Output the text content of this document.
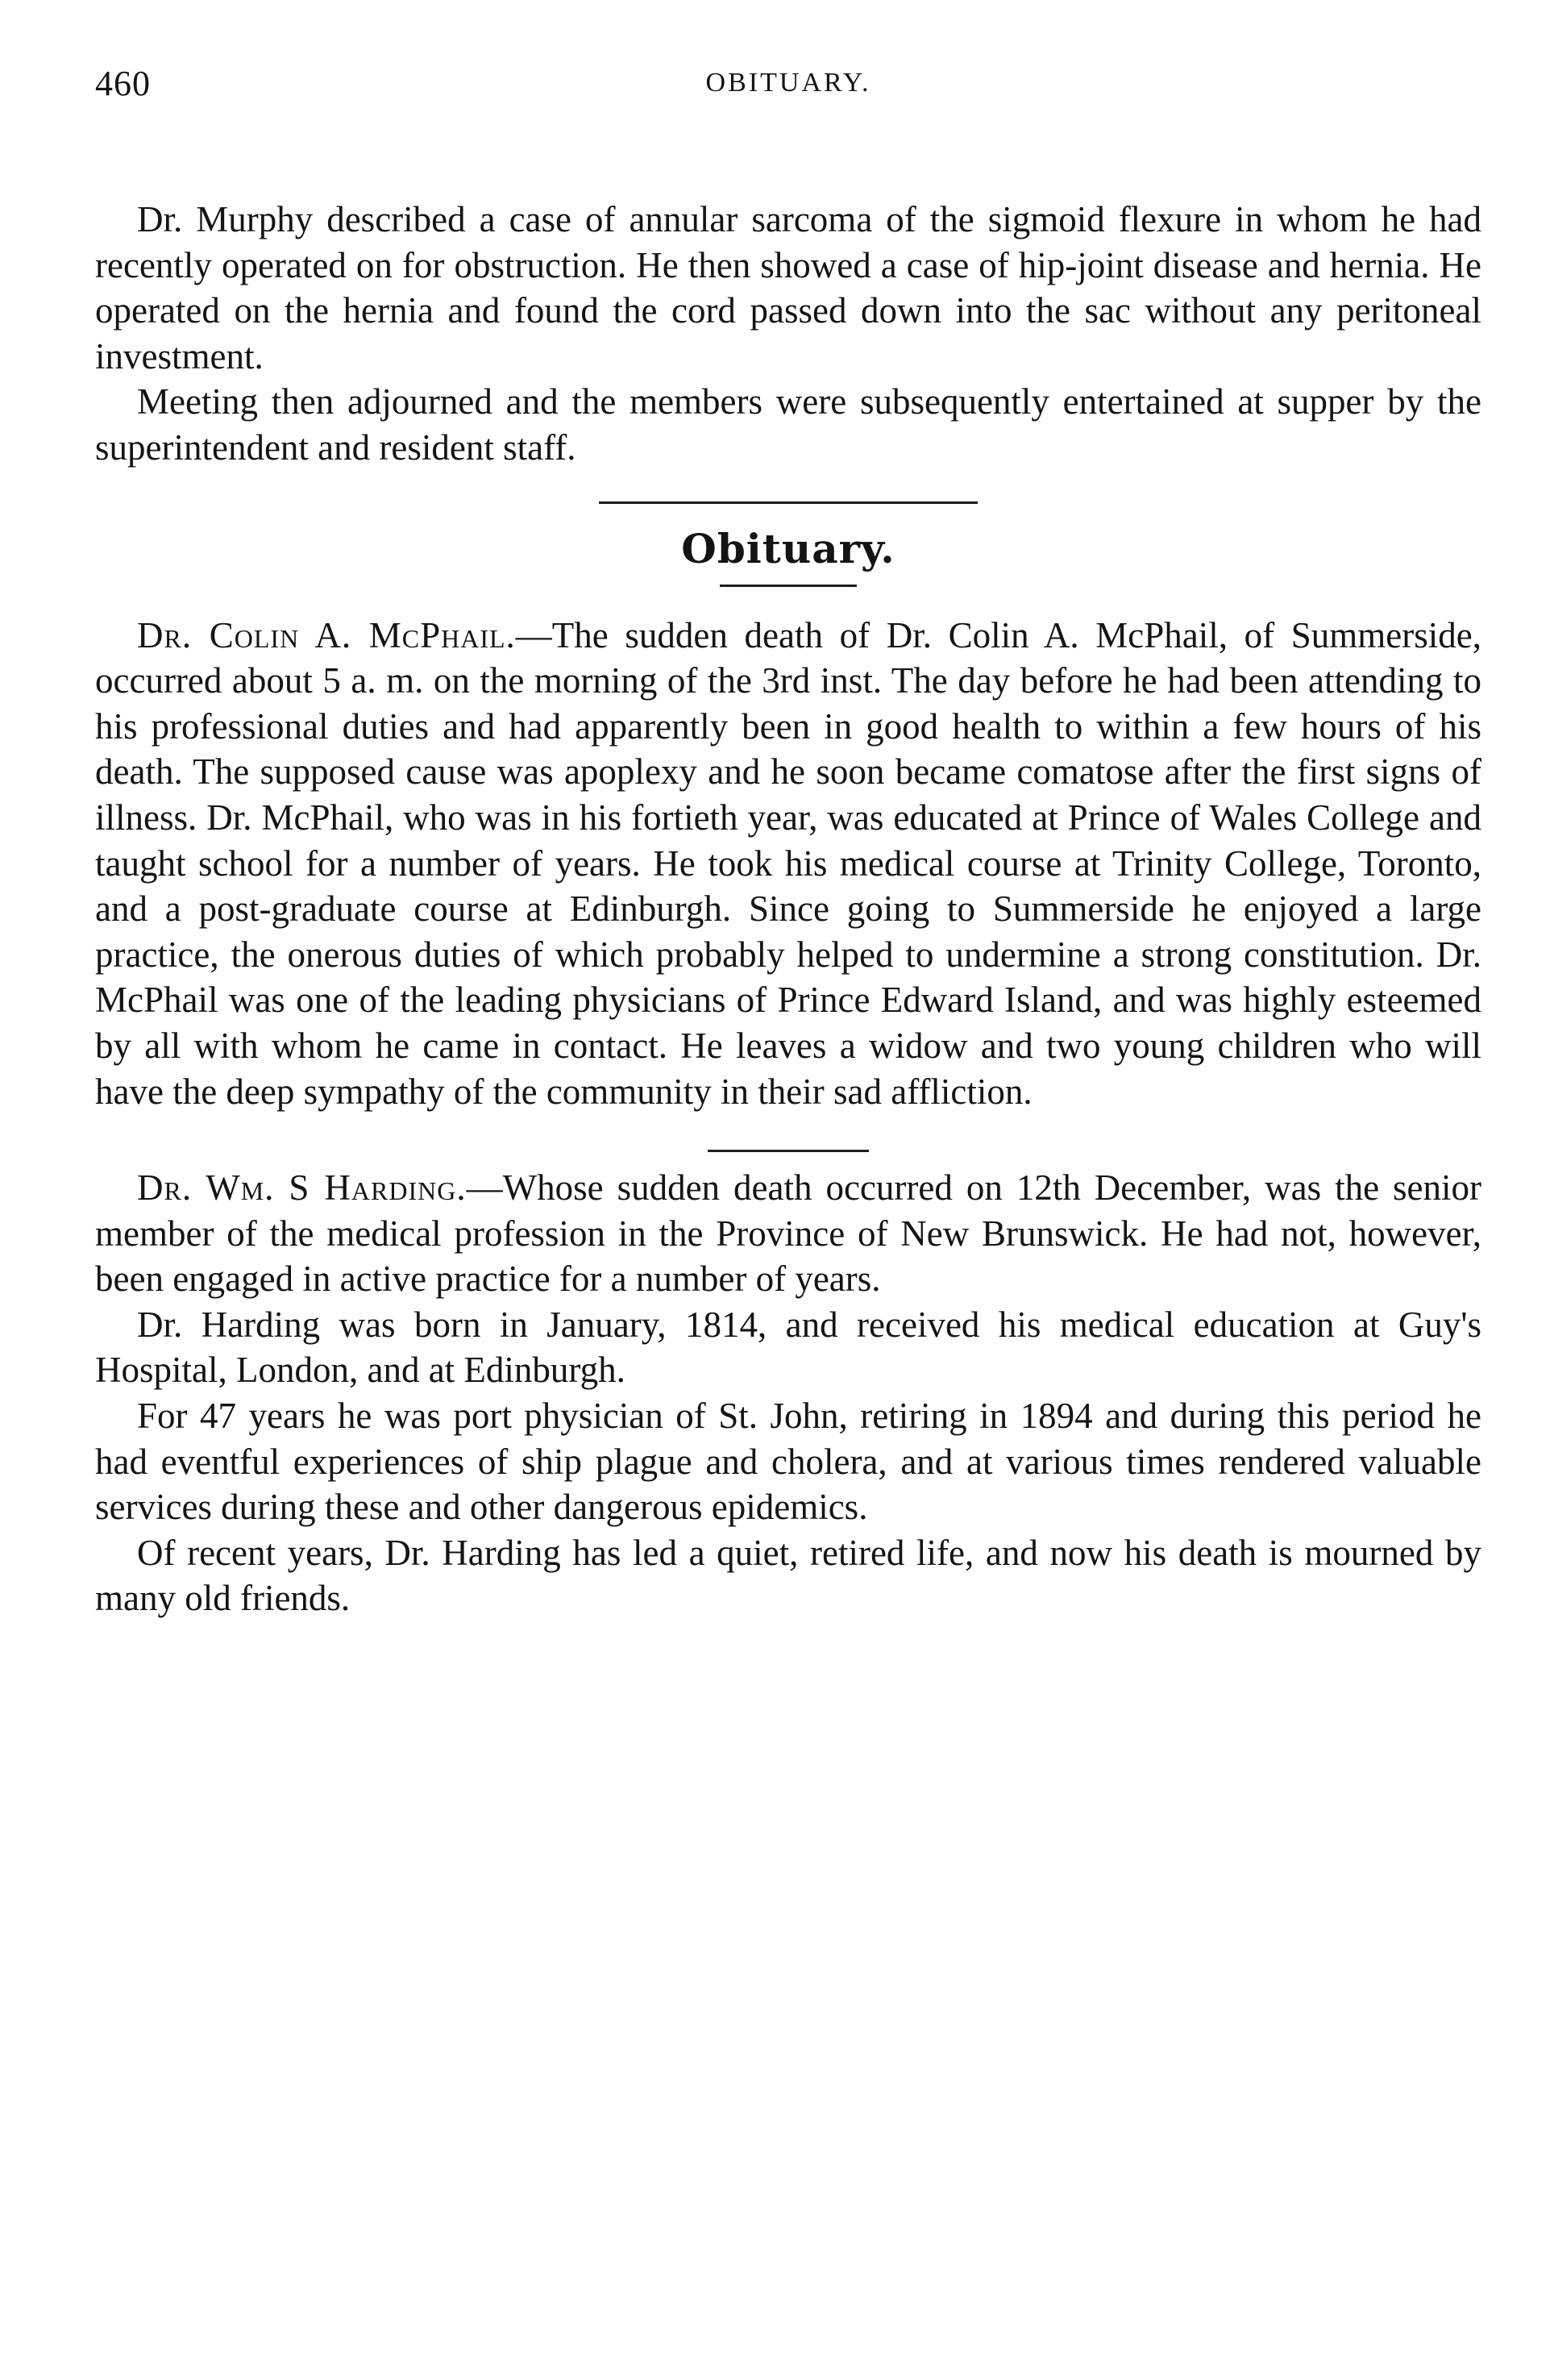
460	OBITUARY.

Dr. Murphy described a case of annular sarcoma of the sigmoid flexure in whom he had recently operated on for obstruction. He then showed a case of hip-joint disease and hernia. He operated on the hernia and found the cord passed down into the sac without any peritoneal investment.

Meeting then adjourned and the members were subsequently entertained at supper by the superintendent and resident staff.

Obituary.

Dr. Colin A. McPhail.—The sudden death of Dr. Colin A. McPhail, of Summerside, occurred about 5 a. m. on the morning of the 3rd inst. The day before he had been attending to his professional duties and had apparently been in good health to within a few hours of his death. The supposed cause was apoplexy and he soon became comatose after the first signs of illness. Dr. McPhail, who was in his fortieth year, was educated at Prince of Wales College and taught school for a number of years. He took his medical course at Trinity College, Toronto, and a post-graduate course at Edinburgh. Since going to Summerside he enjoyed a large practice, the onerous duties of which probably helped to undermine a strong constitution. Dr. McPhail was one of the leading physicians of Prince Edward Island, and was highly esteemed by all with whom he came in contact. He leaves a widow and two young children who will have the deep sympathy of the community in their sad affliction.

Dr. Wm. S Harding.—Whose sudden death occurred on 12th December, was the senior member of the medical profession in the Province of New Brunswick. He had not, however, been engaged in active practice for a number of years.

Dr. Harding was born in January, 1814, and received his medical education at Guy's Hospital, London, and at Edinburgh.

For 47 years he was port physician of St. John, retiring in 1894 and during this period he had eventful experiences of ship plague and cholera, and at various times rendered valuable services during these and other dangerous epidemics.

Of recent years, Dr. Harding has led a quiet, retired life, and now his death is mourned by many old friends.
